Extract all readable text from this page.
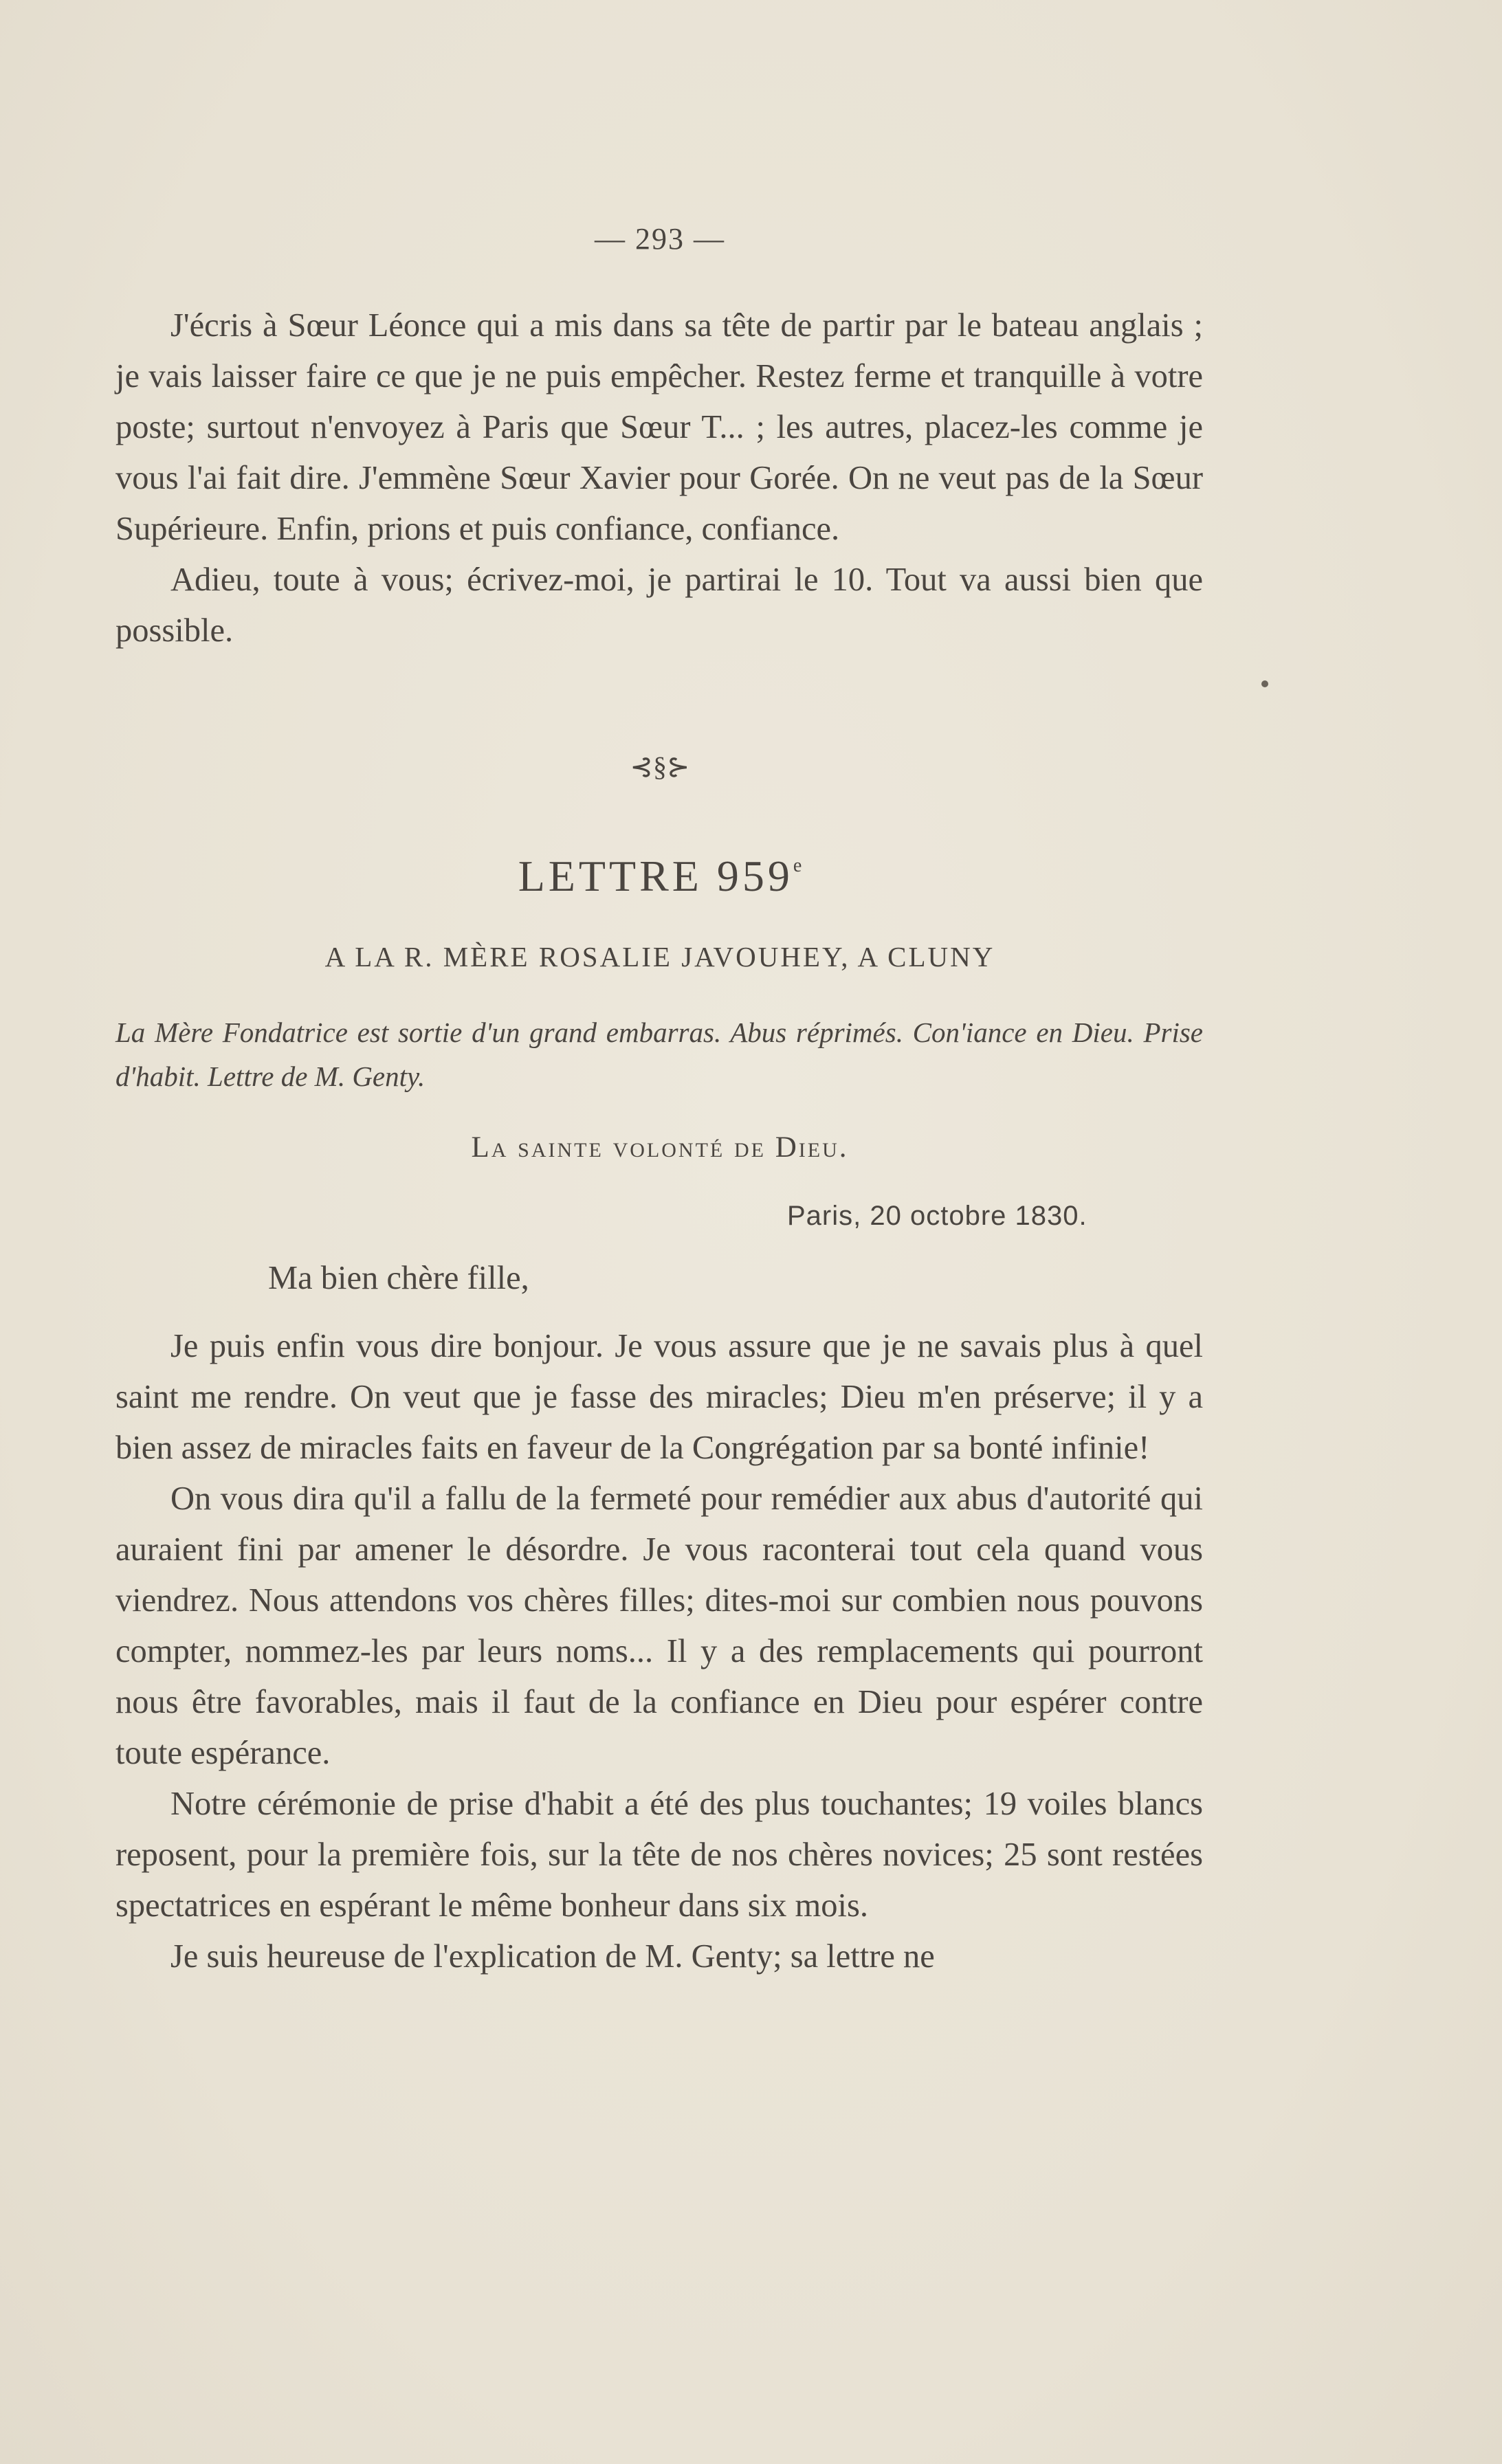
— 293 —

J'écris à Sœur Léonce qui a mis dans sa tête de partir par le bateau anglais ; je vais laisser faire ce que je ne puis empêcher. Restez ferme et tranquille à votre poste; surtout n'envoyez à Paris que Sœur T... ; les autres, placez-les comme je vous l'ai fait dire. J'emmène Sœur Xavier pour Gorée. On ne veut pas de la Sœur Supérieure. Enfin, prions et puis confiance, confiance.

Adieu, toute à vous; écrivez-moi, je partirai le 10. Tout va aussi bien que possible.

⊰§⊱
LETTRE 959e
A LA R. MÈRE ROSALIE JAVOUHEY, A CLUNY
La Mère Fondatrice est sortie d'un grand embarras. Abus réprimés. Con'iance en Dieu. Prise d'habit. Lettre de M. Genty.
La sainte volonté de Dieu.
Paris, 20 octobre 1830.
Ma bien chère fille,

Je puis enfin vous dire bonjour. Je vous assure que je ne savais plus à quel saint me rendre. On veut que je fasse des miracles; Dieu m'en préserve; il y a bien assez de miracles faits en faveur de la Congrégation par sa bonté infinie!

On vous dira qu'il a fallu de la fermeté pour remédier aux abus d'autorité qui auraient fini par amener le désordre. Je vous raconterai tout cela quand vous viendrez. Nous attendons vos chères filles; dites-moi sur combien nous pouvons compter, nommez-les par leurs noms... Il y a des remplacements qui pourront nous être favorables, mais il faut de la confiance en Dieu pour espérer contre toute espérance.

Notre cérémonie de prise d'habit a été des plus touchantes; 19 voiles blancs reposent, pour la première fois, sur la tête de nos chères novices; 25 sont restées spectatrices en espérant le même bonheur dans six mois.

Je suis heureuse de l'explication de M. Genty; sa lettre ne
